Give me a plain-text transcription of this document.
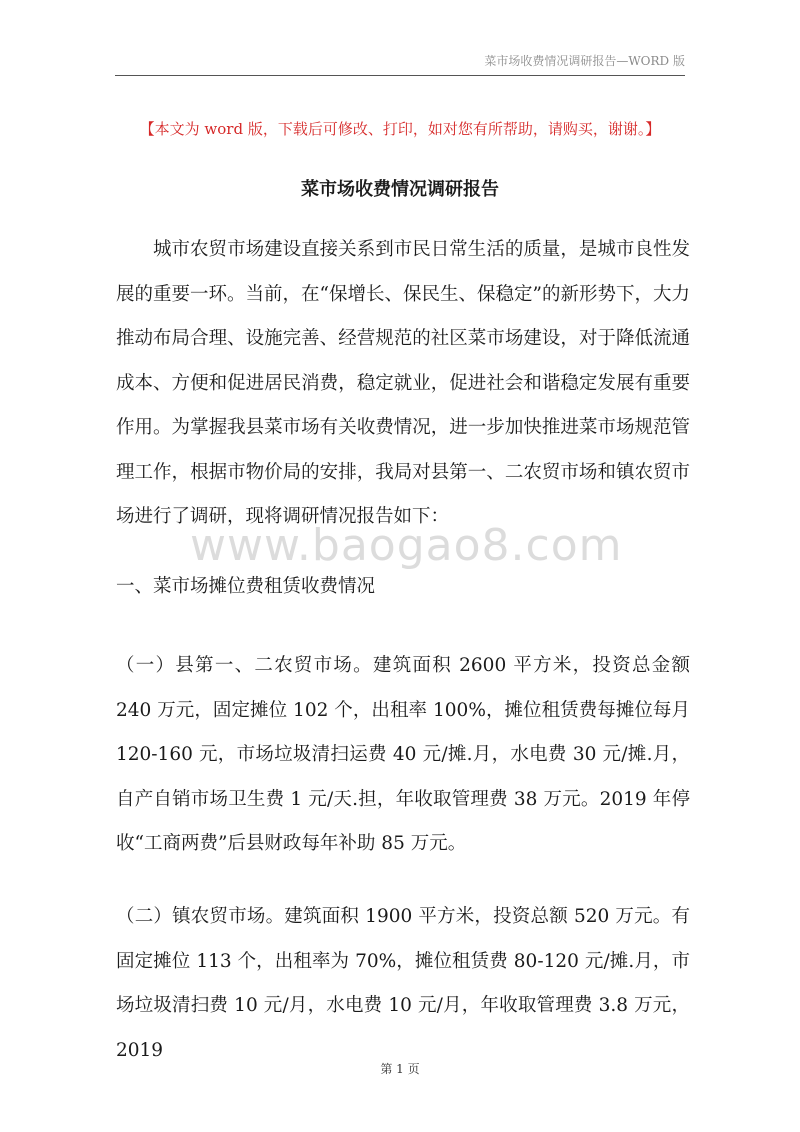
菜市场收费情况调研报告—WORD 版
【本文为 word 版，下载后可修改、打印，如对您有所帮助，请购买，谢谢。】
菜市场收费情况调研报告

城市农贸市场建设直接关系到市民日常生活的质量，是城市良性发展的重要一环。当前，在“保增长、保民生、保稳定”的新形势下，大力推动布局合理、设施完善、经营规范的社区菜市场建设，对于降低流通成本、方便和促进居民消费，稳定就业，促进社会和谐稳定发展有重要作用。为掌握我县菜市场有关收费情况，进一步加快推进菜市场规范管理工作，根据市物价局的安排，我局对县第一、二农贸市场和镇农贸市场进行了调研，现将调研情况报告如下：

www.baogao8.com

一、菜市场摊位费租赁收费情况

（一）县第一、二农贸市场。建筑面积 2600 平方米，投资总金额 240 万元，固定摊位 102 个，出租率 100%，摊位租赁费每摊位每月 120-160 元，市场垃圾清扫运费 40 元/摊.月，水电费 30 元/摊.月，自产自销市场卫生费 1 元/天.担，年收取管理费 38 万元。2019 年停收“工商两费”后县财政每年补助 85 万元。

（二）镇农贸市场。建筑面积 1900 平方米，投资总额 520 万元。有固定摊位 113 个，出租率为 70%，摊位租赁费 80-120 元/摊.月，市场垃圾清扫费 10 元/月，水电费 10 元/月，年收取管理费 3.8 万元，2019

第 1 页
